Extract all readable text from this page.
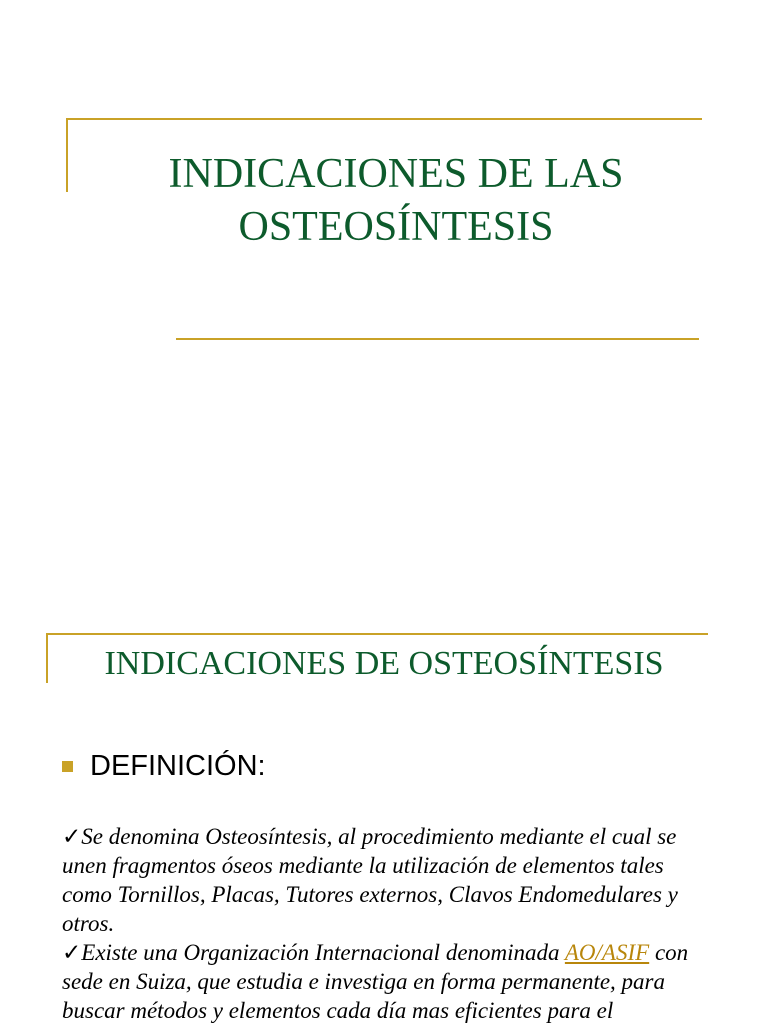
INDICACIONES DE LAS
OSTEOSÍNTESIS
INDICACIONES DE OSTEOSÍNTESIS
DEFINICIÓN:

✓Se denomina Osteosíntesis, al procedimiento mediante el cual se unen fragmentos óseos mediante la utilización de elementos tales como Tornillos, Placas, Tutores externos, Clavos Endomedulares y otros.

✓Existe una Organización Internacional denominada AO/ASIF con sede en Suiza, que estudia e investiga en forma permanente, para buscar métodos y elementos cada día mas eficientes para el
